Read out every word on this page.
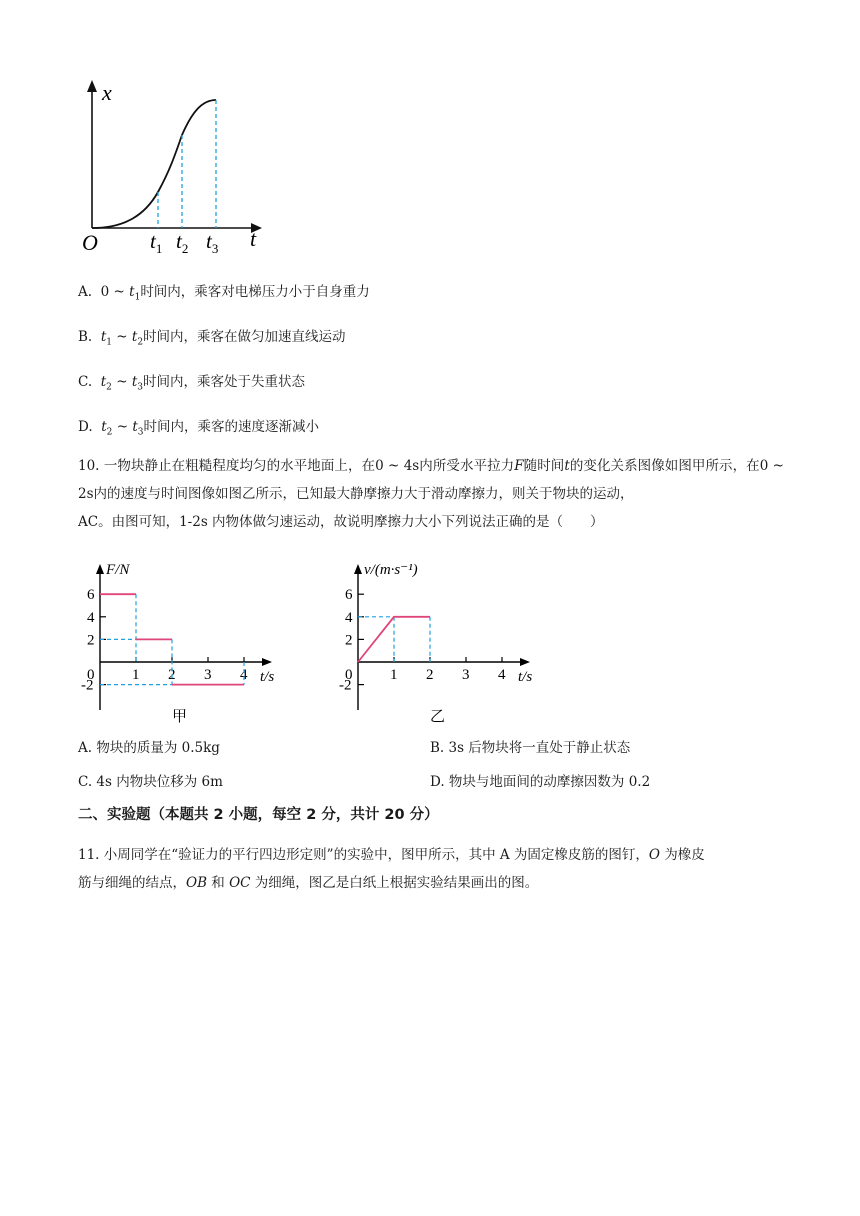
x
t
O $t_1$ $t_2$ $t_3$
A. 0 ~ $t_1$时间内，乘客对电梯压力小于自身重力
B. $t_1$ ~ $t_2$时间内，乘客在做匀加速直线运动
C. $t_2$ ~ $t_3$时间内，乘客处于失重状态
D. $t_2$ ~ $t_3$时间内，乘客的速度逐渐减小
10. 一物块静止在粗糙程度均匀的水平地面上，在0 ~ 4s内所受水平拉力F随时间t的变化关系图像如图甲所示，在0 ~ 2s内的速度与时间图像如图乙所示，已知最大静摩擦力大于滑动摩擦力，则关于物块的运动，
AC。由图可知，1-2s 内物体做匀速运动，故说明摩擦力大小下列说法正确的是（　　）
F/N
t/s
0	1 2 3 4
6
4
2
-2
甲
v/(m·s⁻¹)
t/s
0	1 2 3 4
6
4
2
-2
乙
A. 物块的质量为 0.5kg	B. 3s 后物块将一直处于静止状态
C. 4s 内物块位移为 6m	D. 物块与地面间的动摩擦因数为 0.2
二、实验题（本题共 2 小题，每空 2 分，共计 20 分）
11. 小周同学在“验证力的平行四边形定则”的实验中，图甲所示，其中 A 为固定橡皮筋的图钉，O 为橡皮
筋与细绳的结点，OB 和 OC 为细绳，图乙是白纸上根据实验结果画出的图。
